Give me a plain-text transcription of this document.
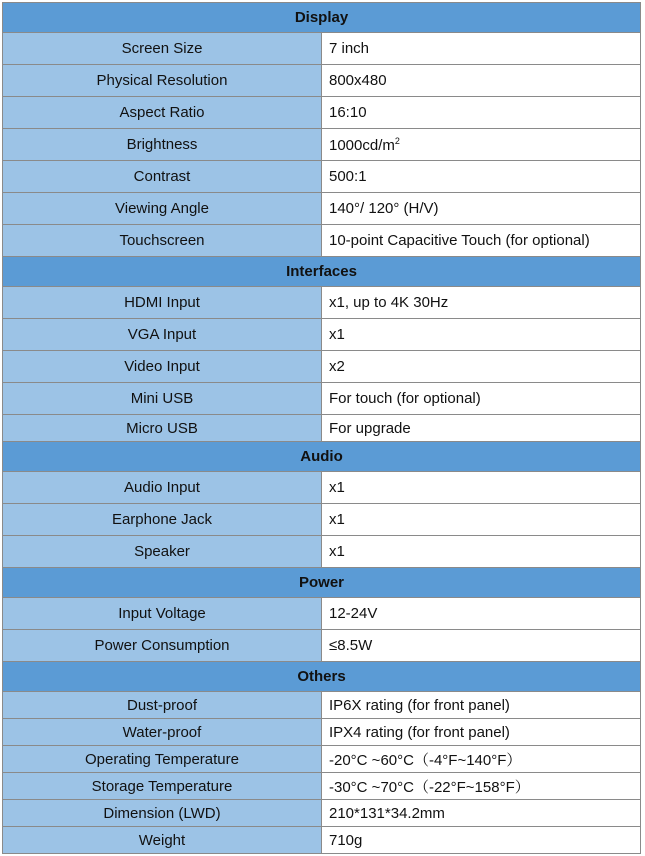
Display	
Screen Size	7 inch
Physical Resolution	800x480
Aspect Ratio	16:10
Brightness	$1000cd/m^2$
Contrast	500:1
Viewing Angle	140°/ 120° (H/V)
Touchscreen	10-point Capacitive Touch (for optional)
Interfaces	
HDMI Input	x1, up to 4K 30Hz
VGA Input	x1
Video Input	x2
Mini USB	For touch (for optional)
Micro USB	For upgrade
Audio	
Audio Input	x1
Earphone Jack	x1
Speaker	x1
Power	
Input Voltage	12-24V
Power Consumption	≤8.5W
Others	
Dust-proof	IP6X rating (for front panel)
Water-proof	IPX4 rating (for front panel)
Operating Temperature	-20°C ~60°C（-4°F~140°F）
Storage Temperature	-30°C ~70°C（-22°F~158°F）
Dimension (LWD)	210*131*34.2mm
Weight	710g
